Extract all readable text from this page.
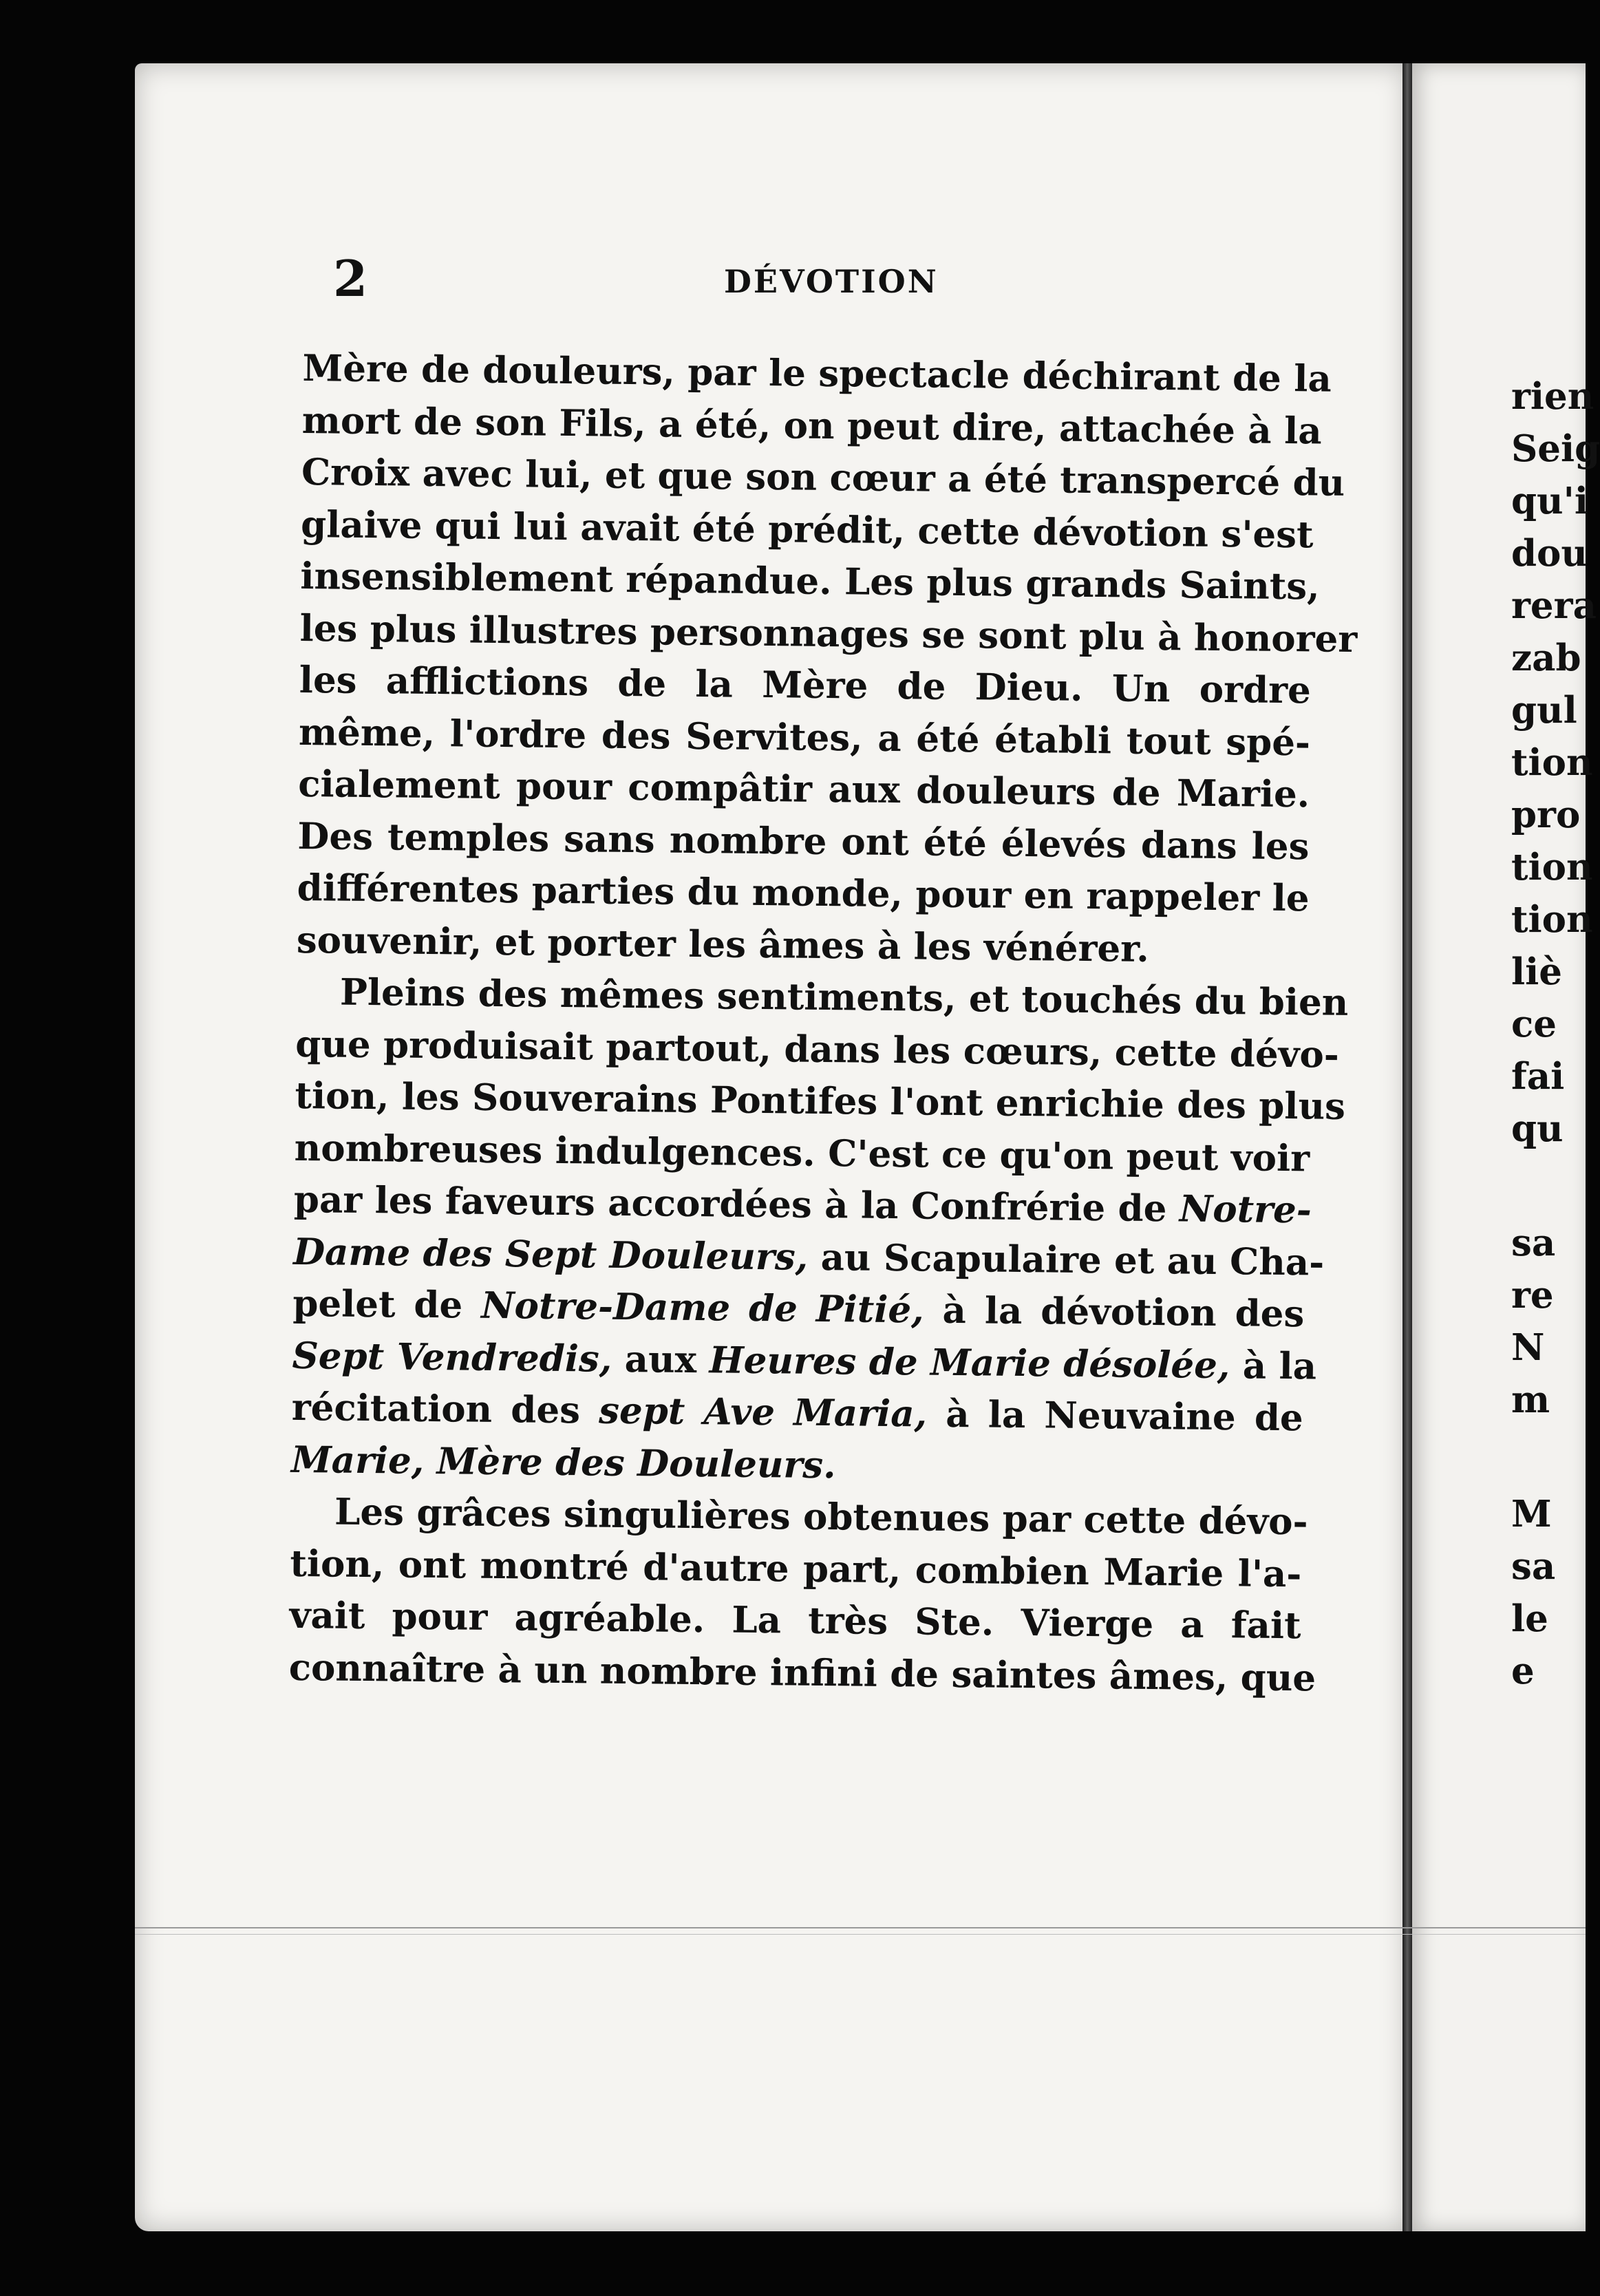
2	DÉVOTION

Mère de douleurs, par le spectacle déchirant de la
mort de son Fils, a été, on peut dire, attachée à la
Croix avec lui, et que son cœur a été transpercé du
glaive qui lui avait été prédit, cette dévotion s'est
insensiblement répandue. Les plus grands Saints,
les plus illustres personnages se sont plu à honorer
les afflictions de la Mère de Dieu. Un ordre
même, l'ordre des Servites, a été établi tout spé-
cialement pour compâtir aux douleurs de Marie.
Des temples sans nombre ont été élevés dans les
différentes parties du monde, pour en rappeler le
souvenir, et porter les âmes à les vénérer.

Pleins des mêmes sentiments, et touchés du bien
que produisait partout, dans les cœurs, cette dévo-
tion, les Souverains Pontifes l'ont enrichie des plus
nombreuses indulgences. C'est ce qu'on peut voir
par les faveurs accordées à la Confrérie de Notre-
Dame des Sept Douleurs, au Scapulaire et au Cha-
pelet de Notre-Dame de Pitié, à la dévotion des
Sept Vendredis, aux Heures de Marie désolée, à la
récitation des sept Ave Maria, à la Neuvaine de
Marie, Mère des Douleurs.

Les grâces singulières obtenues par cette dévo-
tion, ont montré d'autre part, combien Marie l'a-
vait pour agréable. La très Ste. Vierge a fait
connaître à un nombre infini de saintes âmes, que

rien
Seig
qu'i
dou
rera
zab
gul
tion
pro
tion
tion
liè
ce
fai
qu
sa
re
N
m
M
sa
le
e
